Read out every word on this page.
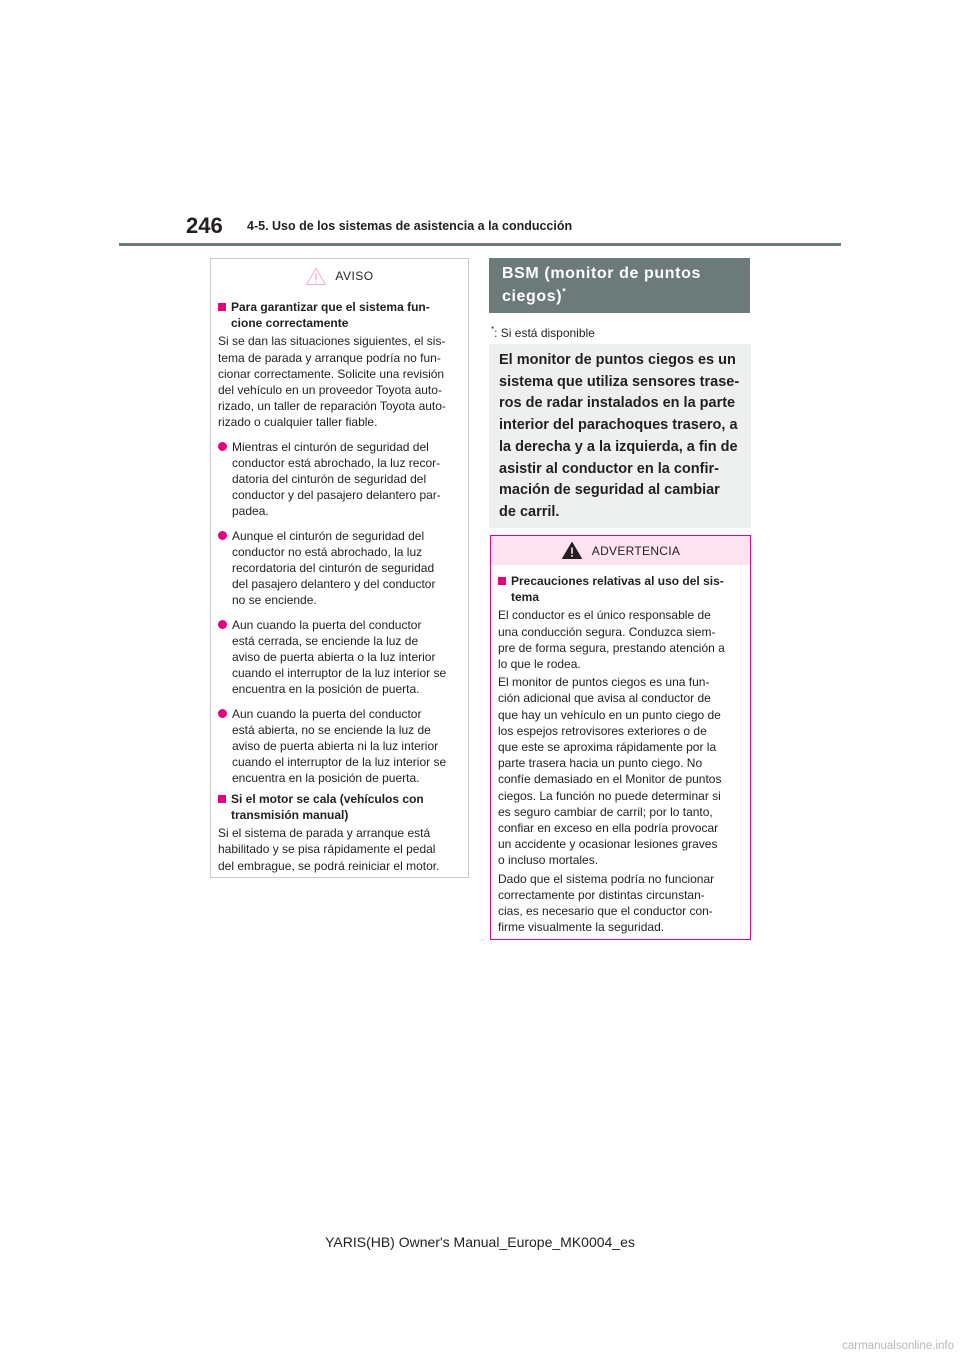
246 4-5. Uso de los sistemas de asistencia a la conducción
AVISO
Para garantizar que el sistema fun-
cione correctamente
Si se dan las situaciones siguientes, el sis-
tema de parada y arranque podría no fun-
cionar correctamente. Solicite una revisión
del vehículo en un proveedor Toyota auto-
rizado, un taller de reparación Toyota auto-
rizado o cualquier taller fiable.
Mientras el cinturón de seguridad del
conductor está abrochado, la luz recor-
datoria del cinturón de seguridad del
conductor y del pasajero delantero par-
padea.
Aunque el cinturón de seguridad del
conductor no está abrochado, la luz
recordatoria del cinturón de seguridad
del pasajero delantero y del conductor
no se enciende.
Aun cuando la puerta del conductor
está cerrada, se enciende la luz de
aviso de puerta abierta o la luz interior
cuando el interruptor de la luz interior se
encuentra en la posición de puerta.
Aun cuando la puerta del conductor
está abierta, no se enciende la luz de
aviso de puerta abierta ni la luz interior
cuando el interruptor de la luz interior se
encuentra en la posición de puerta.
Si el motor se cala (vehículos con
transmisión manual)
Si el sistema de parada y arranque está
habilitado y se pisa rápidamente el pedal
del embrague, se podrá reiniciar el motor.
BSM (monitor de puntos
ciegos)*
*: Si está disponible
El monitor de puntos ciegos es un
sistema que utiliza sensores trase-
ros de radar instalados en la parte
interior del parachoques trasero, a
la derecha y a la izquierda, a fin de
asistir al conductor en la confir-
mación de seguridad al cambiar
de carril.
ADVERTENCIA
Precauciones relativas al uso del sis-
tema
El conductor es el único responsable de
una conducción segura. Conduzca siem-
pre de forma segura, prestando atención a
lo que le rodea.
El monitor de puntos ciegos es una fun-
ción adicional que avisa al conductor de
que hay un vehículo en un punto ciego de
los espejos retrovisores exteriores o de
que este se aproxima rápidamente por la
parte trasera hacia un punto ciego. No
confíe demasiado en el Monitor de puntos
ciegos. La función no puede determinar si
es seguro cambiar de carril; por lo tanto,
confiar en exceso en ella podría provocar
un accidente y ocasionar lesiones graves
o incluso mortales.
Dado que el sistema podría no funcionar
correctamente por distintas circunstan-
cias, es necesario que el conductor con-
firme visualmente la seguridad.
YARIS(HB) Owner's Manual_Europe_MK0004_es
carmanualsonline.info
